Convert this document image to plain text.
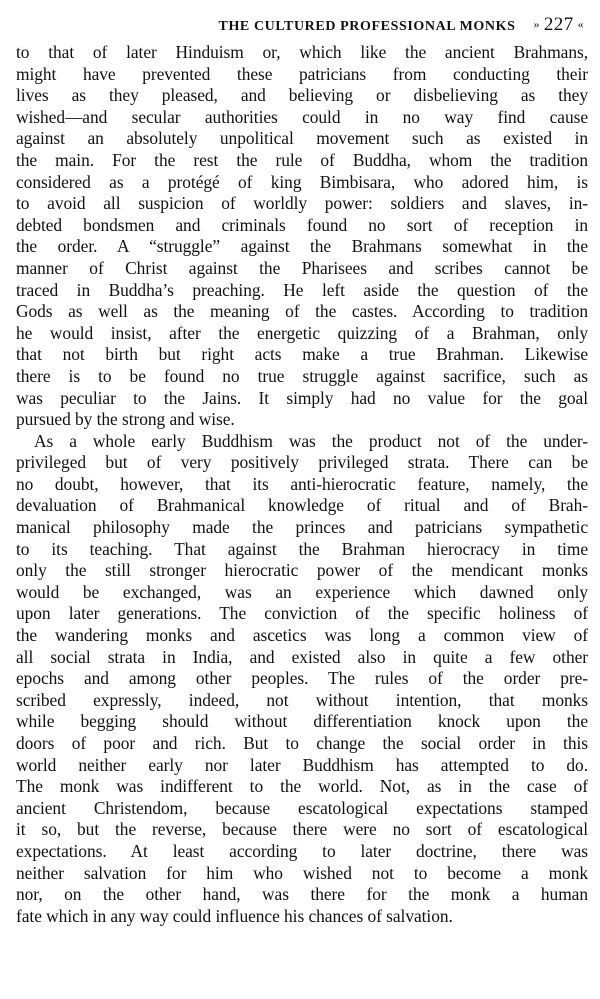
THE CULTURED PROFESSIONAL MONKS	» 227 «
to that of later Hinduism or, which like the ancient Brahmans,
might have prevented these patricians from conducting their
lives as they pleased, and believing or disbelieving as they
wished—and secular authorities could in no way find cause
against an absolutely unpolitical movement such as existed in
the main. For the rest the rule of Buddha, whom the tradition
considered as a protégé of king Bimbisara, who adored him, is
to avoid all suspicion of worldly power: soldiers and slaves, in-
debted bondsmen and criminals found no sort of reception in
the order. A “struggle” against the Brahmans somewhat in the
manner of Christ against the Pharisees and scribes cannot be
traced in Buddha’s preaching. He left aside the question of the
Gods as well as the meaning of the castes. According to tradition
he would insist, after the energetic quizzing of a Brahman, only
that not birth but right acts make a true Brahman. Likewise
there is to be found no true struggle against sacrifice, such as
was peculiar to the Jains. It simply had no value for the goal
pursued by the strong and wise.
As a whole early Buddhism was the product not of the under-
privileged but of very positively privileged strata. There can be
no doubt, however, that its anti-hierocratic feature, namely, the
devaluation of Brahmanical knowledge of ritual and of Brah-
manical philosophy made the princes and patricians sympathetic
to its teaching. That against the Brahman hierocracy in time
only the still stronger hierocratic power of the mendicant monks
would be exchanged, was an experience which dawned only
upon later generations. The conviction of the specific holiness of
the wandering monks and ascetics was long a common view of
all social strata in India, and existed also in quite a few other
epochs and among other peoples. The rules of the order pre-
scribed expressly, indeed, not without intention, that monks
while begging should without differentiation knock upon the
doors of poor and rich. But to change the social order in this
world neither early nor later Buddhism has attempted to do.
The monk was indifferent to the world. Not, as in the case of
ancient Christendom, because escatological expectations stamped
it so, but the reverse, because there were no sort of escatological
expectations. At least according to later doctrine, there was
neither salvation for him who wished not to become a monk
nor, on the other hand, was there for the monk a human
fate which in any way could influence his chances of salvation.
